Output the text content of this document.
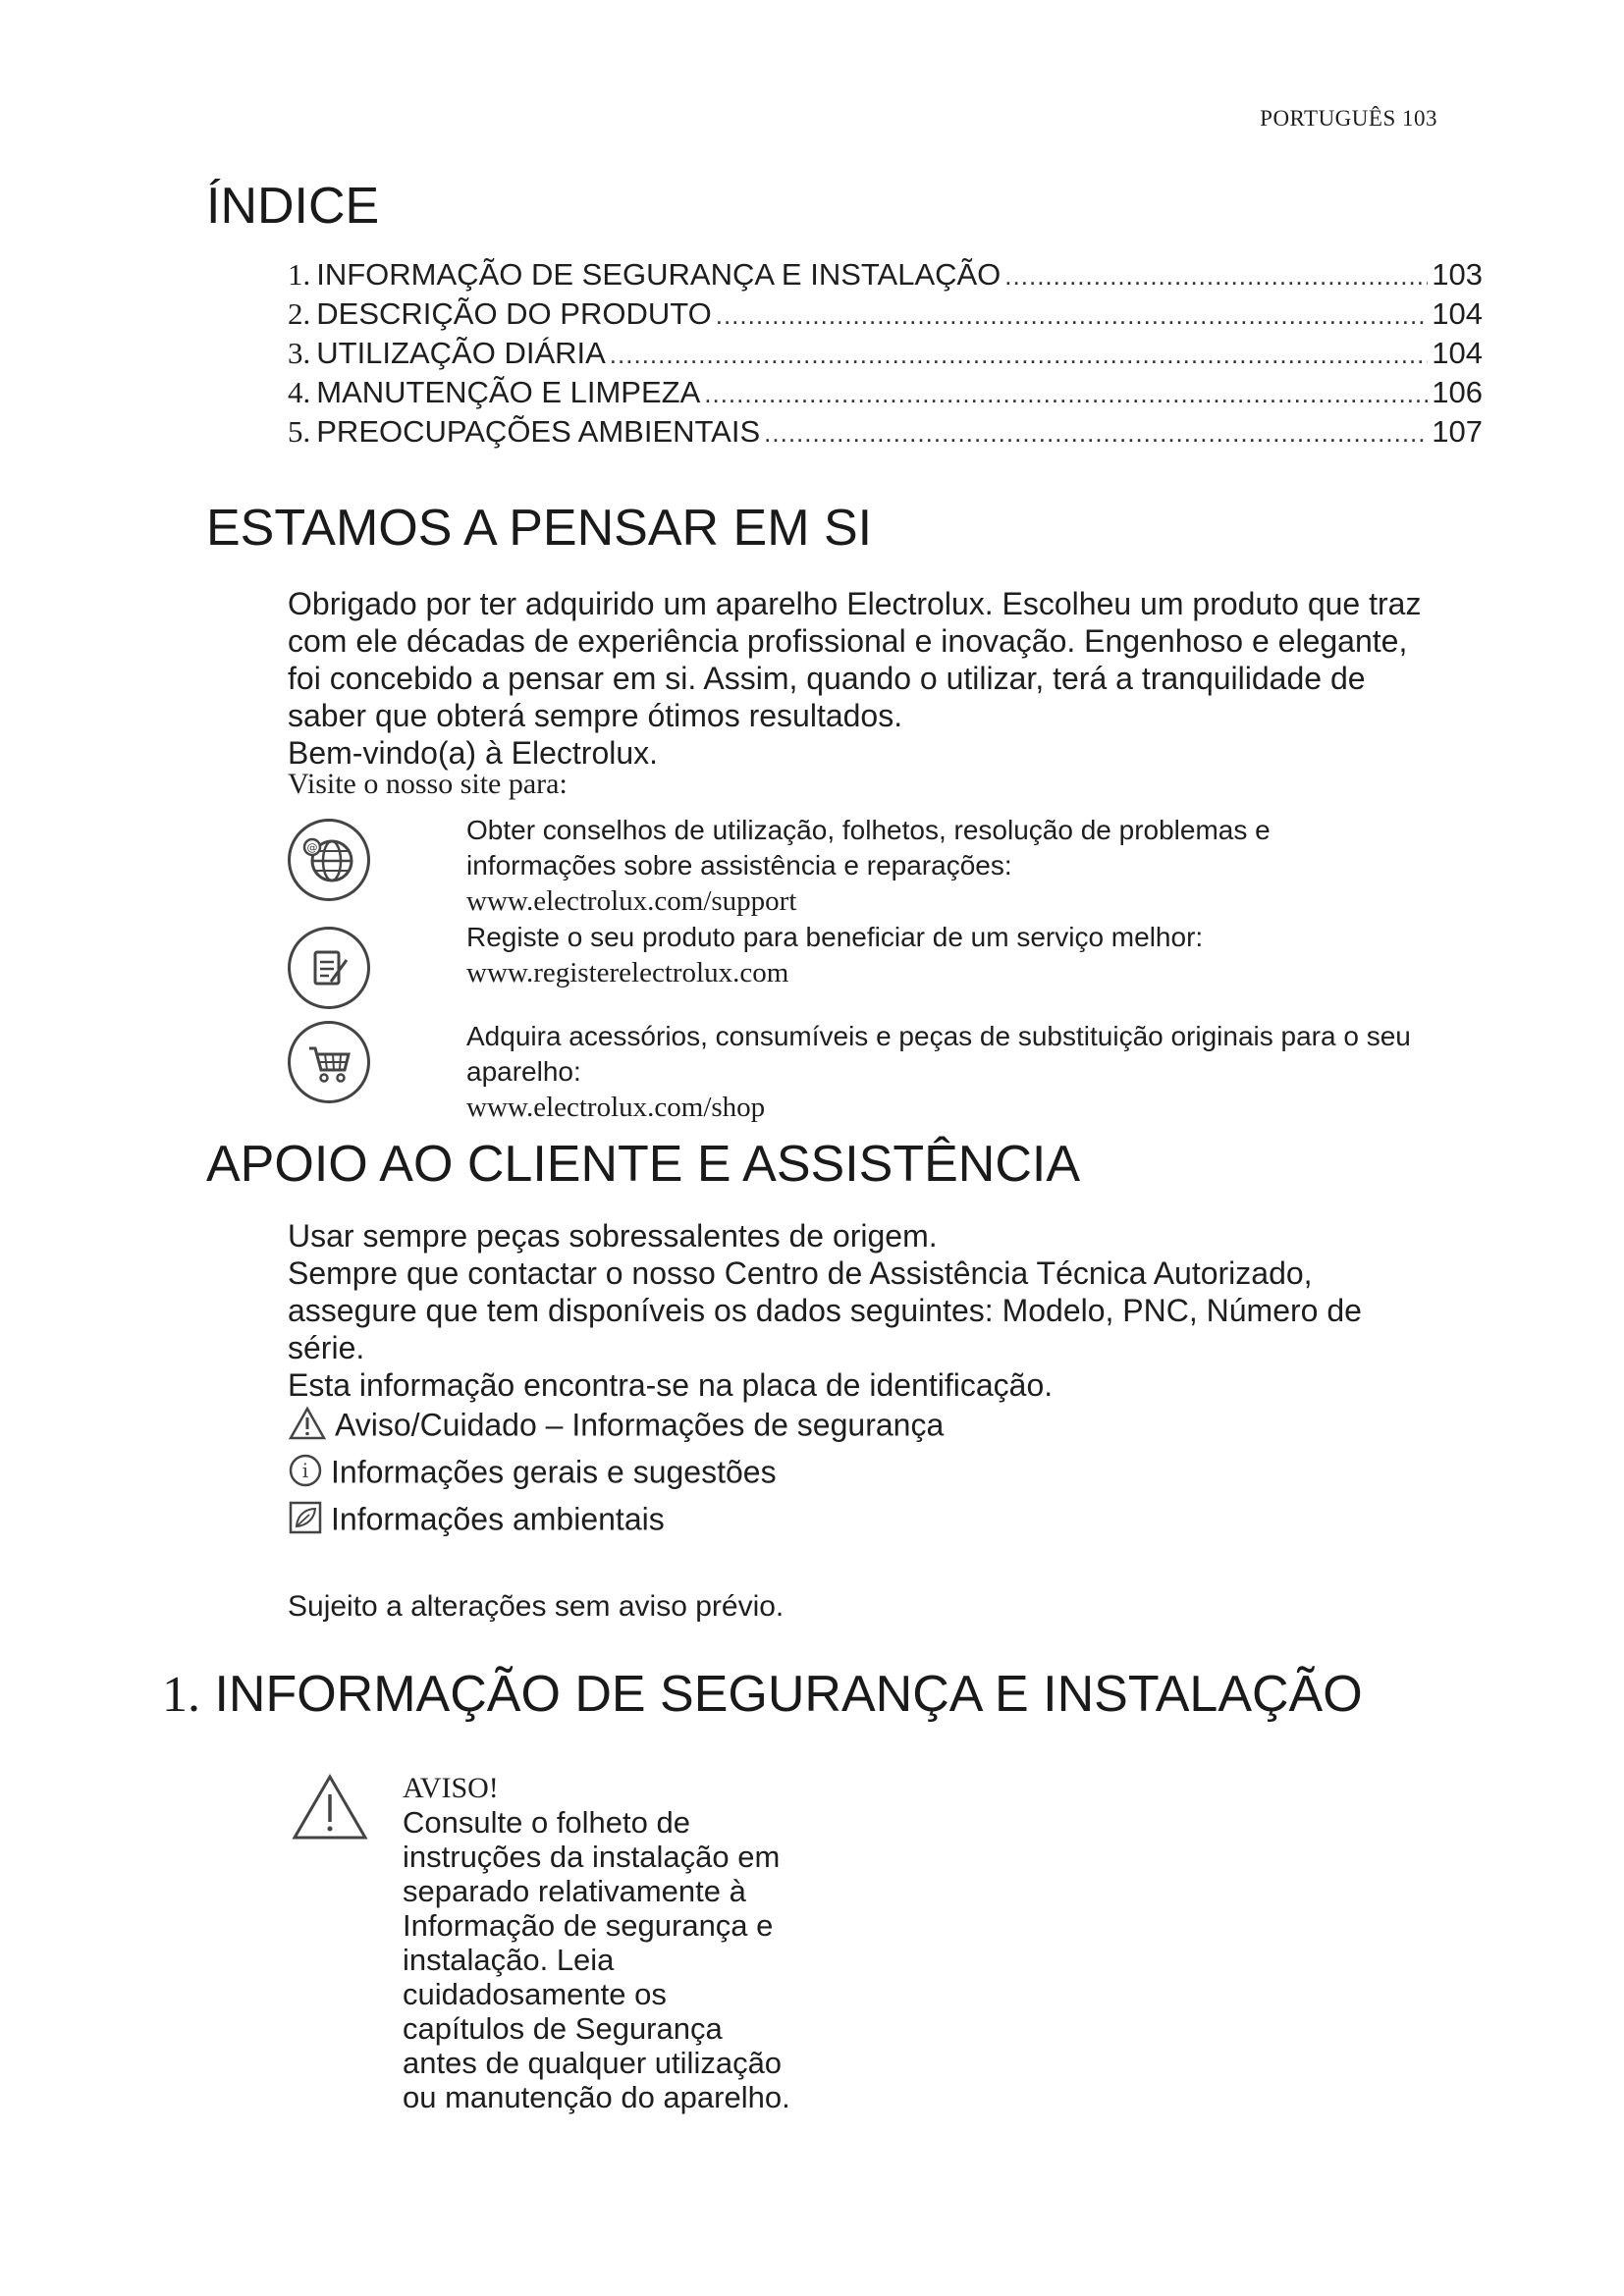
PORTUGUÊS 103
ÍNDICE
1. INFORMAÇÃO DE SEGURANÇA E INSTALAÇÃO .....	103
2. DESCRIÇÃO DO PRODUTO .....	104
3. UTILIZAÇÃO DIÁRIA .....	104
4. MANUTENÇÃO E LIMPEZA .....	106
5. PREOCUPAÇÕES AMBIENTAIS .....	107
ESTAMOS A PENSAR EM SI

Obrigado por ter adquirido um aparelho Electrolux. Escolheu um produto que traz
com ele décadas de experiência profissional e inovação. Engenhoso e elegante,
foi concebido a pensar em si. Assim, quando o utilizar, terá a tranquilidade de
saber que obterá sempre ótimos resultados.
Bem-vindo(a) à Electrolux.

Visite o nosso site para:
@
Obter conselhos de utilização, folhetos, resolução de problemas e
informações sobre assistência e reparações:
www.electrolux.com/support
Registe o seu produto para beneficiar de um serviço melhor:
www.registerelectrolux.com
Adquira acessórios, consumíveis e peças de substituição originais para o seu
aparelho:
www.electrolux.com/shop
APOIO AO CLIENTE E ASSISTÊNCIA

Usar sempre peças sobressalentes de origem.
Sempre que contactar o nosso Centro de Assistência Técnica Autorizado,
assegure que tem disponíveis os dados seguintes: Modelo, PNC, Número de
série.
Esta informação encontra-se na placa de identificação.

Aviso/Cuidado – Informações de segurança
i Informações gerais e sugestões
Informações ambientais
Sujeito a alterações sem aviso prévio.
1. INFORMAÇÃO DE SEGURANÇA E INSTALAÇÃO
AVISO!
Consulte o folheto de
instruções da instalação em
separado relativamente à
Informação de segurança e
instalação. Leia
cuidadosamente os
capítulos de Segurança
antes de qualquer utilização
ou manutenção do aparelho.
